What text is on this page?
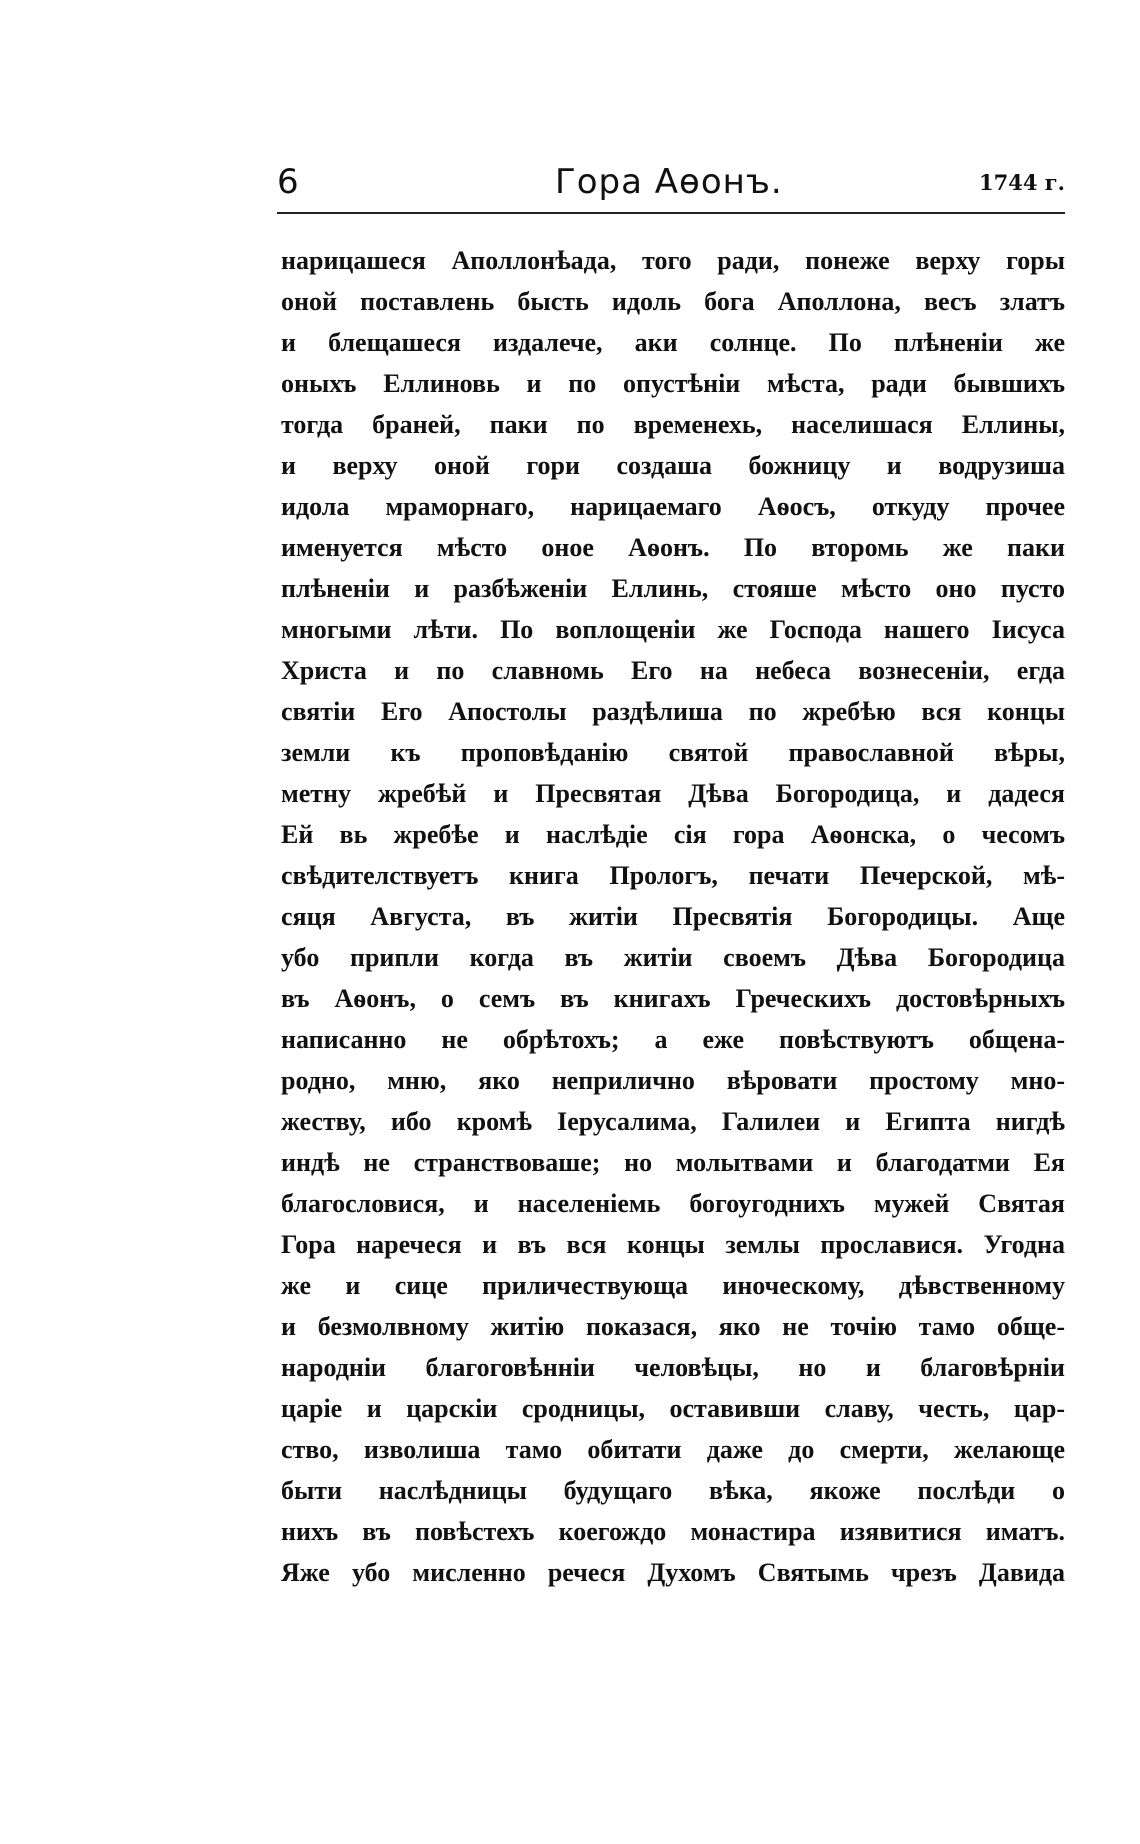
6	Гора Аѳонъ.	1744 г.
нарицашеся Аполлонѣада, того ради, понеже верху горы
оной поставлень бысть идоль бога Аполлона, весъ златъ
и блещашеся издалече, аки солнце. По плѣненіи же
оныхъ Еллиновь и по опустѣніи мѣста, ради бывшихъ
тогда браней, паки по временехь, населишася Еллины,
и верху оной гори создаша божницу и водрузиша
идола мраморнаго, нарицаемаго Аѳосъ, откуду прочее
именуется мѣсто оное Аѳонъ. По второмь же паки
плѣненіи и разбѣженіи Еллинь, стояше мѣсто оно пусто
многыми лѣти. По воплощеніи же Господа нашего Іисуса
Христа и по славномь Его на небеса вознесеніи, егда
святіи Его Апостолы раздѣлиша по жребѣю вся концы
земли къ проповѣданію святой православной вѣры,
метну жребѣй и Пресвятая Дѣва Богородица, и дадеся
Ей вь жребѣе и наслѣдіе сія гора Аѳонска, о чесомъ
свѣдителствуетъ книга Прологъ, печати Печерской, мѣ-
сяця Августа, въ житіи Пресвятія Богородицы. Аще
убо припли когда въ житіи своемъ Дѣва Богородица
въ Аѳонъ, о семъ въ книгахъ Греческихъ достовѣрныхъ
написанно не обрѣтохъ; а еже повѣствуютъ общена-
родно, мню, яко неприлично вѣровати простому мно-
жеству, ибо кромѣ Іерусалима, Галилеи и Египта нигдѣ
индѣ не странствоваше; но молытвами и благодатми Ея
благословися, и населеніемь богоугоднихъ мужей Святая
Гора наречеся и въ вся концы землы прославися. Угодна
же и сице приличествующа иноческому, дѣвственному
и безмолвному житію показася, яко не точію тамо обще-
народніи благоговѣнніи человѣцы, но и благовѣрніи
царіе и царскіи сродницы, оставивши славу, честь, цар-
ство, изволиша тамо обитати даже до смерти, желающе
быти наслѣдницы будущаго вѣка, якоже послѣди о
нихъ въ повѣстехъ коегождо монастира изявитися иматъ.
Яже убо мисленно речеся Духомъ Святымь чрезъ Давида
